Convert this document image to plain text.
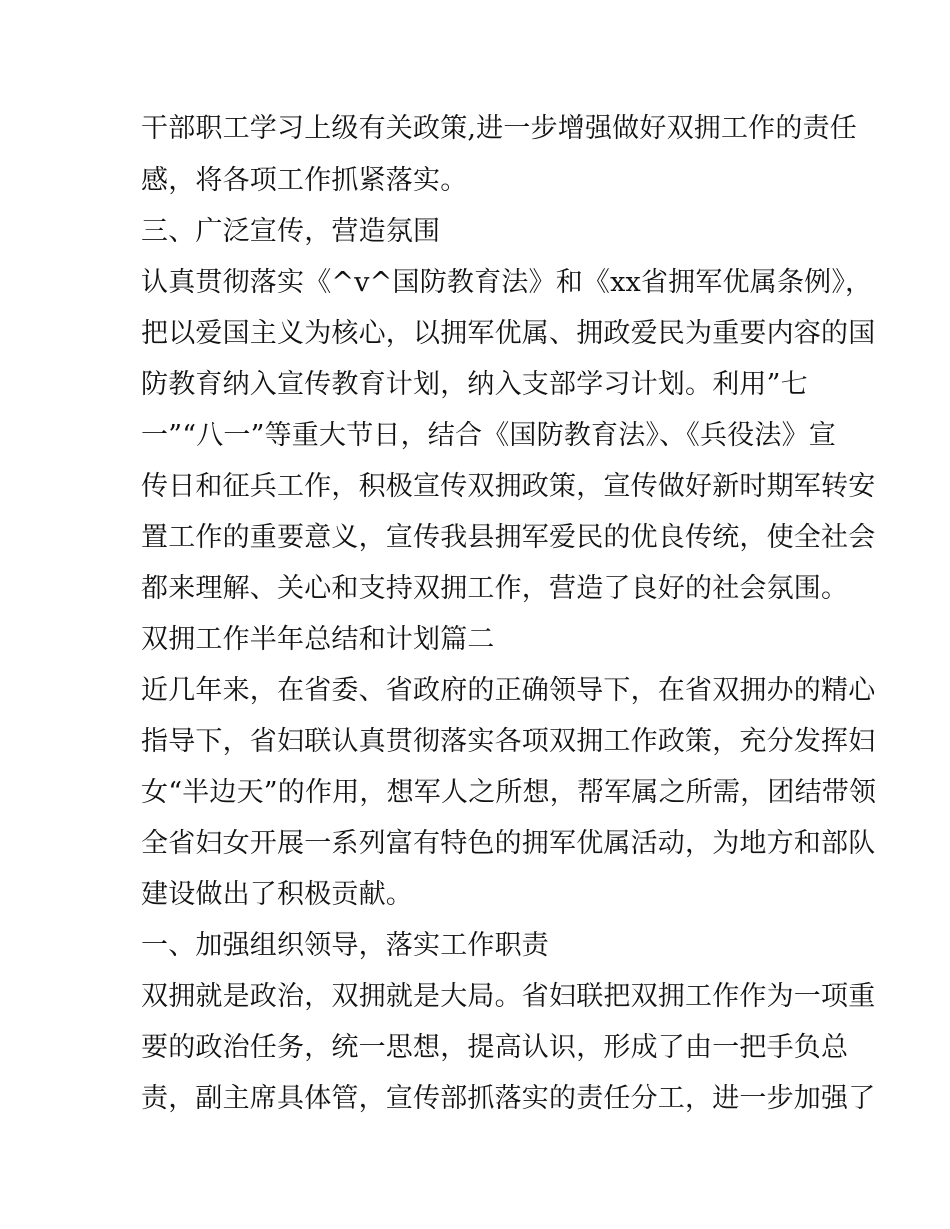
干部职工学习上级有关政策,进一步增强做好双拥工作的责任
感，将各项工作抓紧落实。
三、广泛宣传，营造氛围
认真贯彻落实《^v^国防教育法》和《xx省拥军优属条例》，
把以爱国主义为核心，以拥军优属、拥政爱民为重要内容的国
防教育纳入宣传教育计划，纳入支部学习计划。利用”七
一”“八一”等重大节日，结合《国防教育法》、《兵役法》宣
传日和征兵工作，积极宣传双拥政策，宣传做好新时期军转安
置工作的重要意义，宣传我县拥军爱民的优良传统，使全社会
都来理解、关心和支持双拥工作，营造了良好的社会氛围。
双拥工作半年总结和计划篇二
近几年来，在省委、省政府的正确领导下，在省双拥办的精心
指导下，省妇联认真贯彻落实各项双拥工作政策，充分发挥妇
女“半边天”的作用，想军人之所想，帮军属之所需，团结带领
全省妇女开展一系列富有特色的拥军优属活动，为地方和部队
建设做出了积极贡献。
一、加强组织领导，落实工作职责
双拥就是政治，双拥就是大局。省妇联把双拥工作作为一项重
要的政治任务，统一思想，提高认识，形成了由一把手负总
责，副主席具体管，宣传部抓落实的责任分工，进一步加强了
